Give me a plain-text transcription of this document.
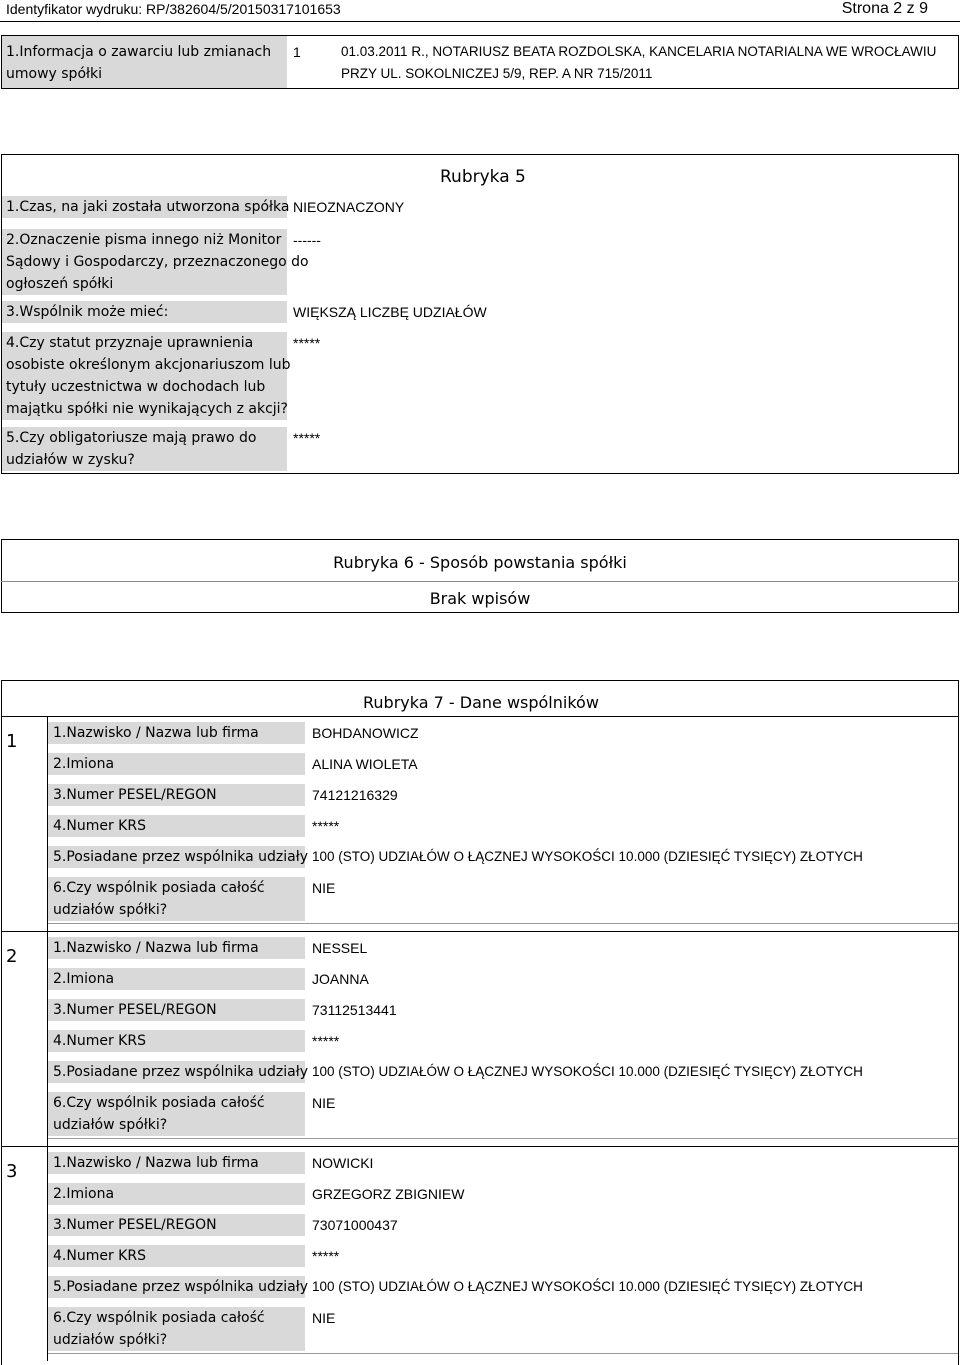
Identyfikator wydruku: RP/382604/5/20150317101653	Strona 2 z 9
1.Informacja o zawarciu lub zmianach
umowy spółki
1	01.03.2011 R., NOTARIUSZ BEATA ROZDOLSKA, KANCELARIA NOTARIALNA WE WROCŁAWIU
PRZY UL. SOKOLNICZEJ 5/9, REP. A NR 715/2011
Rubryka 5
1.Czas, na jaki została utworzona spółka NIEOZNACZONY
2.Oznaczenie pisma innego niż Monitor
Sądowy i Gospodarczy, przeznaczonego do
ogłoszeń spółki
------
3.Wspólnik może mieć:	WIĘKSZĄ LICZBĘ UDZIAŁÓW
4.Czy statut przyznaje uprawnienia
osobiste określonym akcjonariuszom lub
tytuły uczestnictwa w dochodach lub
majątku spółki nie wynikających z akcji?
*****
5.Czy obligatoriusze mają prawo do
udziałów w zysku?
*****
Rubryka 6 - Sposób powstania spółki
Brak wpisów
Rubryka 7 - Dane wspólników
1	1.Nazwisko / Nazwa lub firma	BOHDANOWICZ
2.Imiona	ALINA WIOLETA
3.Numer PESEL/REGON	74121216329
4.Numer KRS	*****
5.Posiadane przez wspólnika udziały 100 (STO) UDZIAŁÓW O ŁĄCZNEJ WYSOKOŚCI 10.000 (DZIESIĘĆ TYSIĘCY) ZŁOTYCH
6.Czy wspólnik posiada całość
udziałów spółki?
NIE
2	1.Nazwisko / Nazwa lub firma	NESSEL
2.Imiona	JOANNA
3.Numer PESEL/REGON	73112513441
4.Numer KRS	*****
5.Posiadane przez wspólnika udziały 100 (STO) UDZIAŁÓW O ŁĄCZNEJ WYSOKOŚCI 10.000 (DZIESIĘĆ TYSIĘCY) ZŁOTYCH
6.Czy wspólnik posiada całość
udziałów spółki?
NIE
3	1.Nazwisko / Nazwa lub firma	NOWICKI
2.Imiona	GRZEGORZ ZBIGNIEW
3.Numer PESEL/REGON	73071000437
4.Numer KRS	*****
5.Posiadane przez wspólnika udziały 100 (STO) UDZIAŁÓW O ŁĄCZNEJ WYSOKOŚCI 10.000 (DZIESIĘĆ TYSIĘCY) ZŁOTYCH
6.Czy wspólnik posiada całość
udziałów spółki?
NIE
